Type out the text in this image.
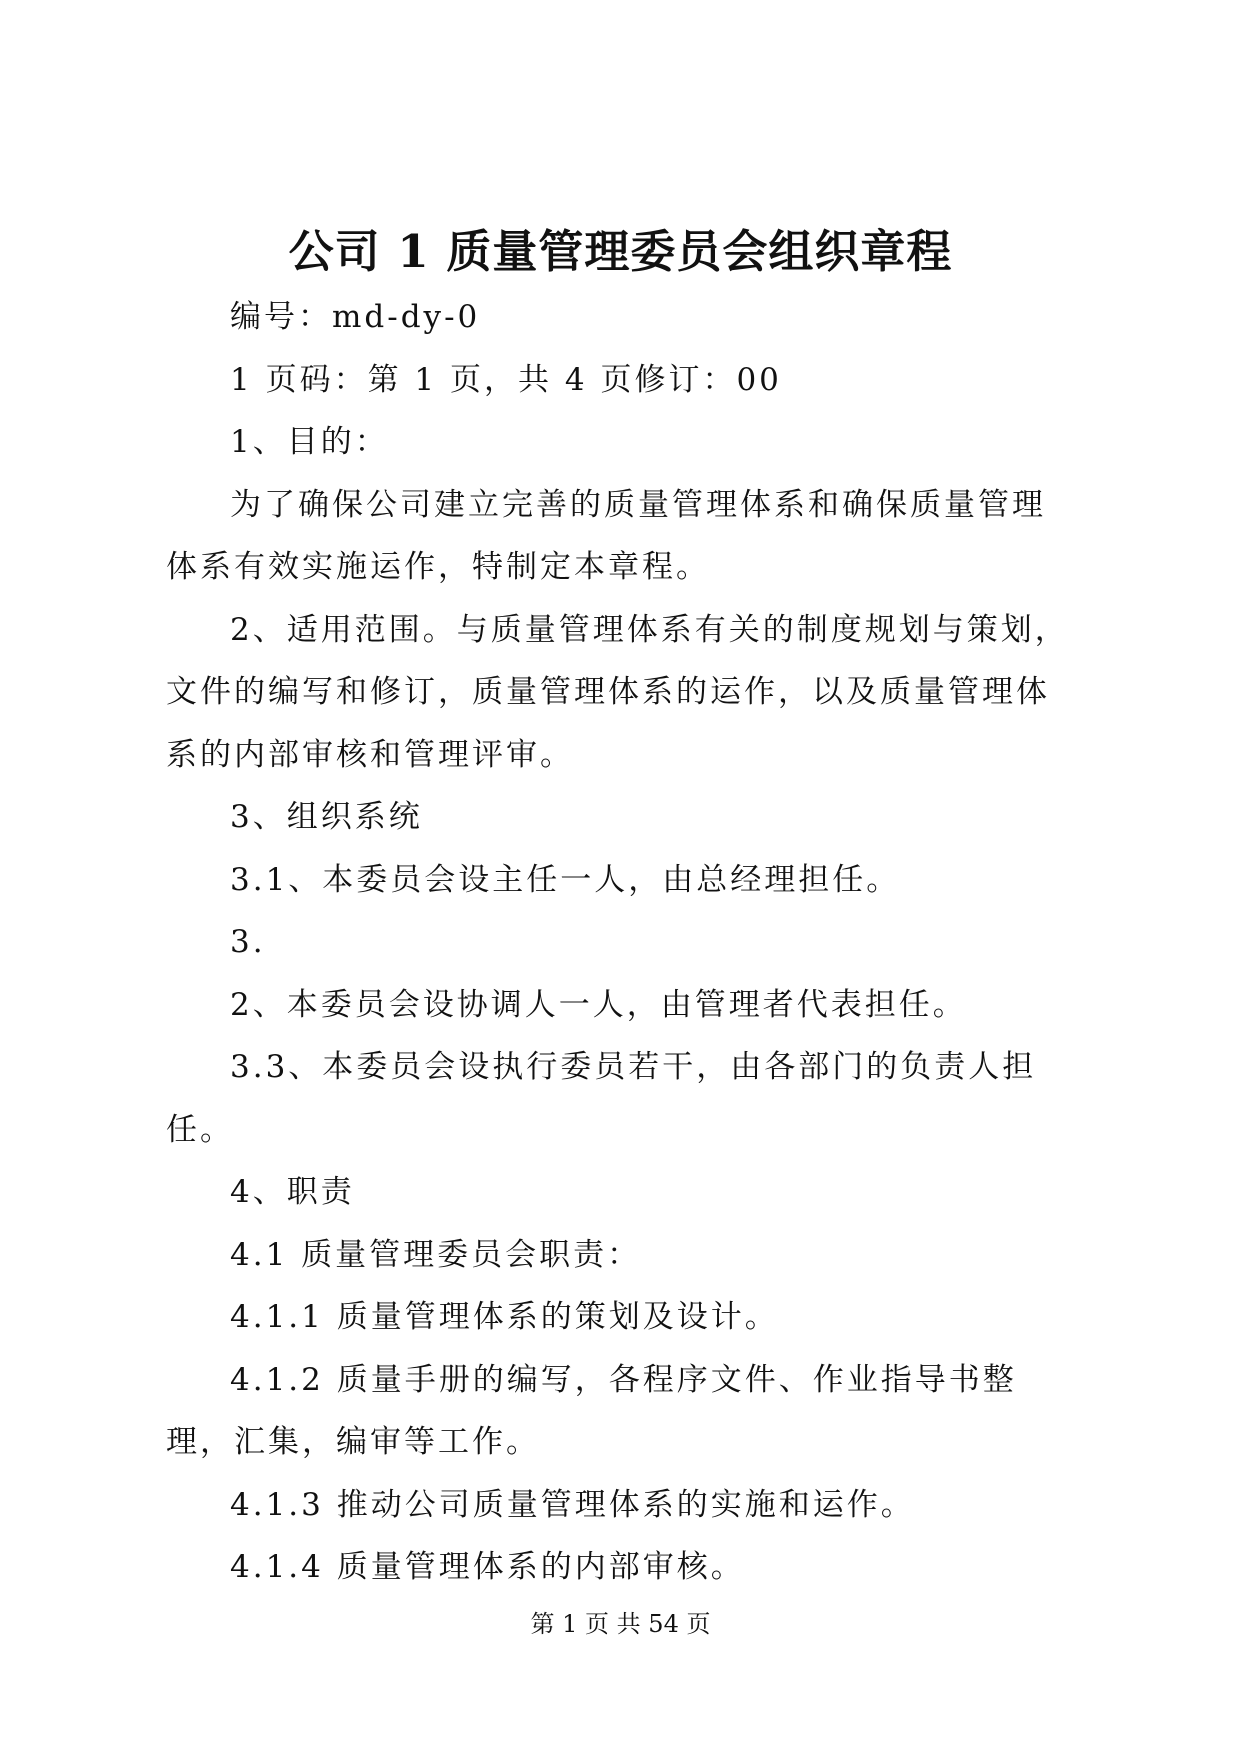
公司 1 质量管理委员会组织章程

编号：md-dy-0

1 页码：第 1 页，共 4 页修订：00

1、目的：

为了确保公司建立完善的质量管理体系和确保质量管理体系有效实施运作，特制定本章程。

2、适用范围。与质量管理体系有关的制度规划与策划，文件的编写和修订，质量管理体系的运作，以及质量管理体系的内部审核和管理评审。

3、组织系统

3.1、本委员会设主任一人，由总经理担任。

3.

2、本委员会设协调人一人，由管理者代表担任。

3.3、本委员会设执行委员若干，由各部门的负责人担任。

4、职责

4.1 质量管理委员会职责：

4.1.1 质量管理体系的策划及设计。

4.1.2 质量手册的编写，各程序文件、作业指导书整理，汇集，编审等工作。

4.1.3 推动公司质量管理体系的实施和运作。

4.1.4 质量管理体系的内部审核。

第 1 页 共 54 页
